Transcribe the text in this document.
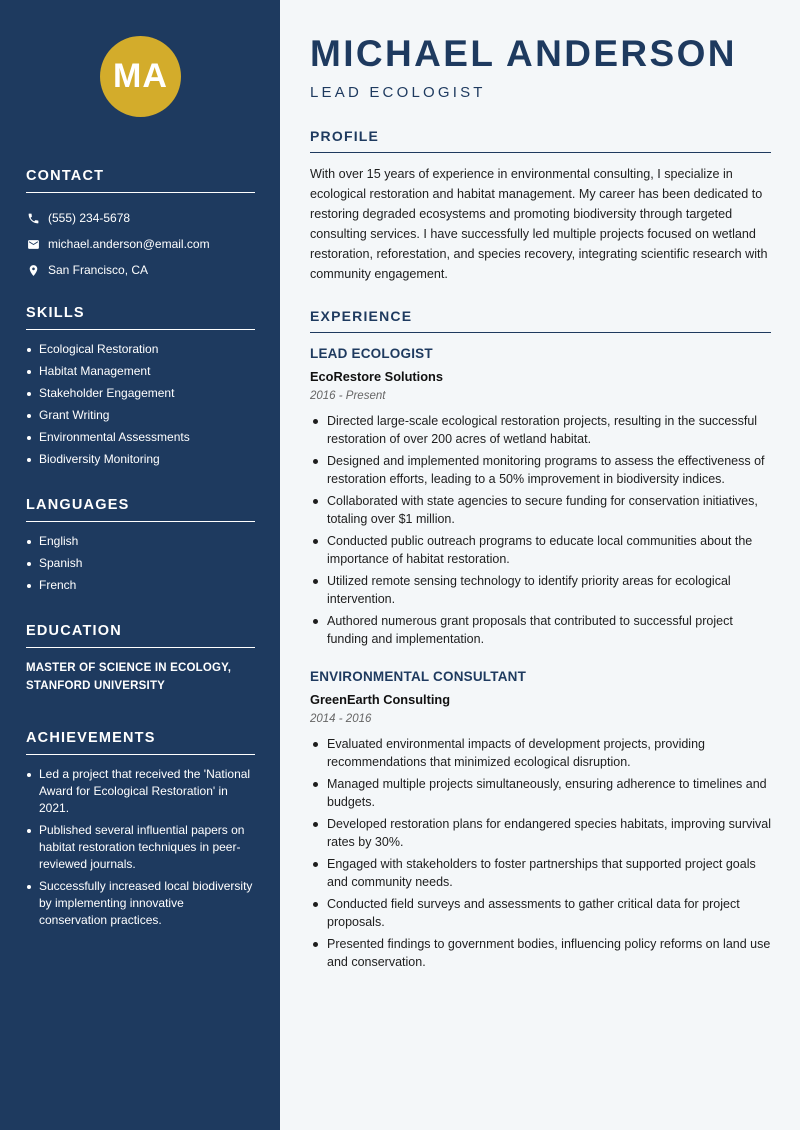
MA
CONTACT
(555) 234-5678
michael.anderson@email.com
San Francisco, CA
SKILLS
Ecological Restoration
Habitat Management
Stakeholder Engagement
Grant Writing
Environmental Assessments
Biodiversity Monitoring
LANGUAGES
English
Spanish
French
EDUCATION

MASTER OF SCIENCE IN ECOLOGY, STANFORD UNIVERSITY

ACHIEVEMENTS
Led a project that received the 'National Award for Ecological Restoration' in 2021.
Published several influential papers on habitat restoration techniques in peer-reviewed journals.
Successfully increased local biodiversity by implementing innovative conservation practices.
MICHAEL ANDERSON
LEAD ECOLOGIST
PROFILE

With over 15 years of experience in environmental consulting, I specialize in ecological restoration and habitat management. My career has been dedicated to restoring degraded ecosystems and promoting biodiversity through targeted consulting services. I have successfully led multiple projects focused on wetland restoration, reforestation, and species recovery, integrating scientific research with community engagement.

EXPERIENCE
LEAD ECOLOGIST
EcoRestore Solutions
2016 - Present
Directed large-scale ecological restoration projects, resulting in the successful restoration of over 200 acres of wetland habitat.
Designed and implemented monitoring programs to assess the effectiveness of restoration efforts, leading to a 50% improvement in biodiversity indices.
Collaborated with state agencies to secure funding for conservation initiatives, totaling over $1 million.
Conducted public outreach programs to educate local communities about the importance of habitat restoration.
Utilized remote sensing technology to identify priority areas for ecological intervention.
Authored numerous grant proposals that contributed to successful project funding and implementation.
ENVIRONMENTAL CONSULTANT
GreenEarth Consulting
2014 - 2016
Evaluated environmental impacts of development projects, providing recommendations that minimized ecological disruption.
Managed multiple projects simultaneously, ensuring adherence to timelines and budgets.
Developed restoration plans for endangered species habitats, improving survival rates by 30%.
Engaged with stakeholders to foster partnerships that supported project goals and community needs.
Conducted field surveys and assessments to gather critical data for project proposals.
Presented findings to government bodies, influencing policy reforms on land use and conservation.
